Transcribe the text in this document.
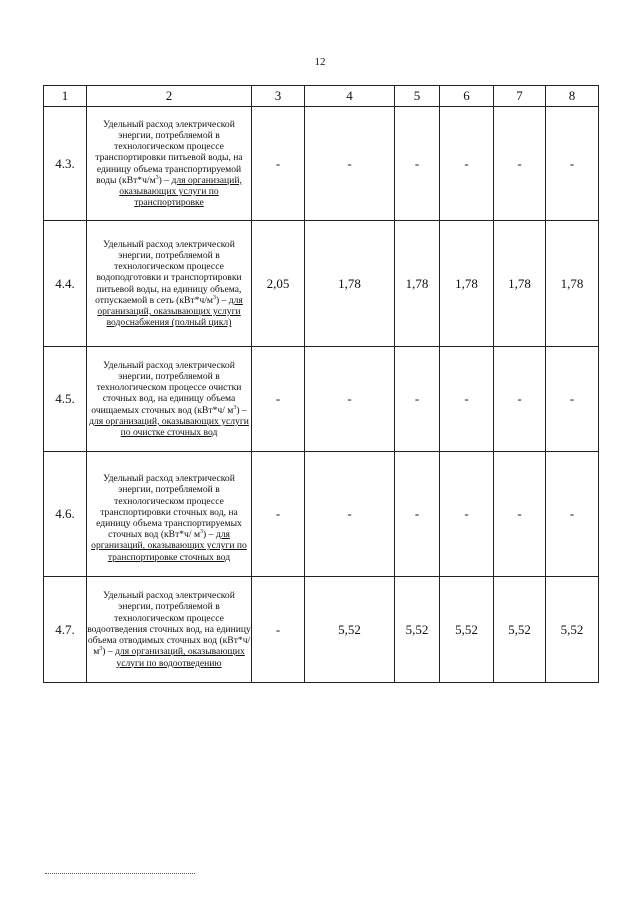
12
1	2	3	4	5	6	7	8
4.3.	Удельный расход электрической энергии, потребляемой в технологическом процессе транспортировки питьевой воды, на единицу объема транспортируемой воды $(кВт*ч/м^3)$ – для организаций, оказывающих услуги по транспортировке	-	-	-	-	-	-
4.4.	Удельный расход электрической энергии, потребляемой в технологическом процессе водоподготовки и транспортировки питьевой воды, на единицу объема, отпускаемой в сеть $(кВт*ч/м^3)$ – для организаций, оказывающих услуги водоснабжения (полный цикл)	2,05	1,78	1,78	1,78	1,78	1,78
4.5.	Удельный расход электрической энергии, потребляемой в технологическом процессе очистки сточных вод, на единицу объема очищаемых сточных вод (кВт*ч/ $м^3$) – для организаций, оказывающих услуги по очистке сточных вод	-	-	-	-	-	-
4.6.	Удельный расход электрической энергии, потребляемой в технологическом процессе транспортировки сточных вод, на единицу объема транспортируемых сточных вод (кВт*ч/ $м^3$) – для организаций, оказывающих услуги по транспортировке сточных вод	-	-	-	-	-	-
4.7.	Удельный расход электрической энергии, потребляемой в технологическом процессе водоотведения сточных вод, на единицу объема отводимых сточных вод (кВт*ч/ $м^3$) – для организаций, оказывающих услуги по водоотведению	-	5,52	5,52	5,52	5,52	5,52
